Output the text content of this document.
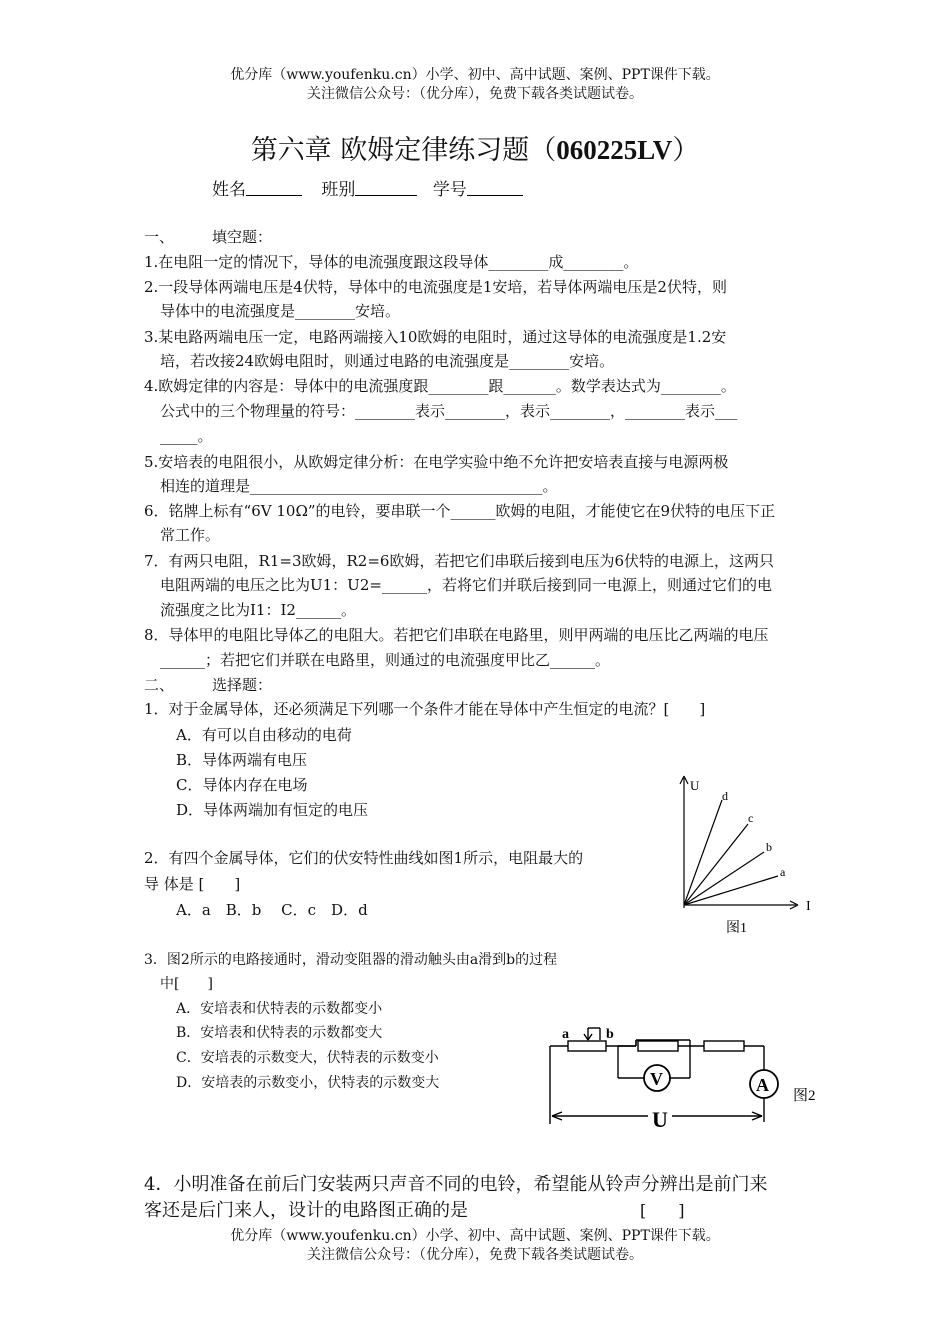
优分库（www.youfenku.cn）小学、初中、高中试题、案例、PPT课件下载。
关注微信公众号：（优分库），免费下载各类试题试卷。
第六章 欧姆定律练习题（060225LV）
姓名	班别	学号
一、	填空题：
1.在电阻一定的情况下，导体的电流强度跟这段导体________成________。
2.一段导体两端电压是4伏特，导体中的电流强度是1安培，若导体两端电压是2伏特，则
导体中的电流强度是________安培。
3.某电路两端电压一定，电路两端接入10欧姆的电阻时，通过这导体的电流强度是1.2安
培，若改接24欧姆电阻时，则通过电路的电流强度是________安培。
4.欧姆定律的内容是：导体中的电流强度跟________跟_______。数学表达式为________。
公式中的三个物理量的符号：________表示________，表示________，________表示___
_____。
5.安培表的电阻很小，从欧姆定律分析：在电学实验中绝不允许把安培表直接与电源两极
相连的道理是_______________________________________。
6．铭牌上标有“6V 10Ω”的电铃，要串联一个______欧姆的电阻，才能使它在9伏特的电压下正
常工作。
7．有两只电阻，R1=3欧姆，R2=6欧姆，若把它们串联后接到电压为6伏特的电源上，这两只
电阻两端的电压之比为U1：U2=______，若将它们并联后接到同一电源上，则通过它们的电
流强度之比为I1：I2______。
8．导体甲的电阻比导体乙的电阻大。若把它们串联在电路里，则甲两端的电压比乙两端的电压
______；若把它们并联在电路里，则通过的电流强度甲比乙______。
二、	选择题：
1．对于金属导体，还必须满足下列哪一个条件才能在导体中产生恒定的电流？[　　]
A．有可以自由移动的电荷
B．导体两端有电压
C．导体内存在电场
D．导体两端加有恒定的电压
2．有四个金属导体，它们的伏安特性曲线如图1所示，电阻最大的
导 体是 [　　]
A．a　B．b　 C．c　D．d
3．图2所示的电路接通时，滑动变阻器的滑动触头由a滑到b的过程
中[　　]
A．安培表和伏特表的示数都变小
B．安培表和伏特表的示数都变大
C．安培表的示数变大，伏特表的示数变小
D．安培表的示数变小，伏特表的示数变大
4．小明准备在前后门安装两只声音不同的电铃，希望能从铃声分辨出是前门来
客还是后门来人，设计的电路图正确的是	[　　]
U
I
d
c
b
a
图1
a	b
V	A
U
图2
优分库（www.youfenku.cn）小学、初中、高中试题、案例、PPT课件下载。
关注微信公众号：（优分库），免费下载各类试题试卷。
